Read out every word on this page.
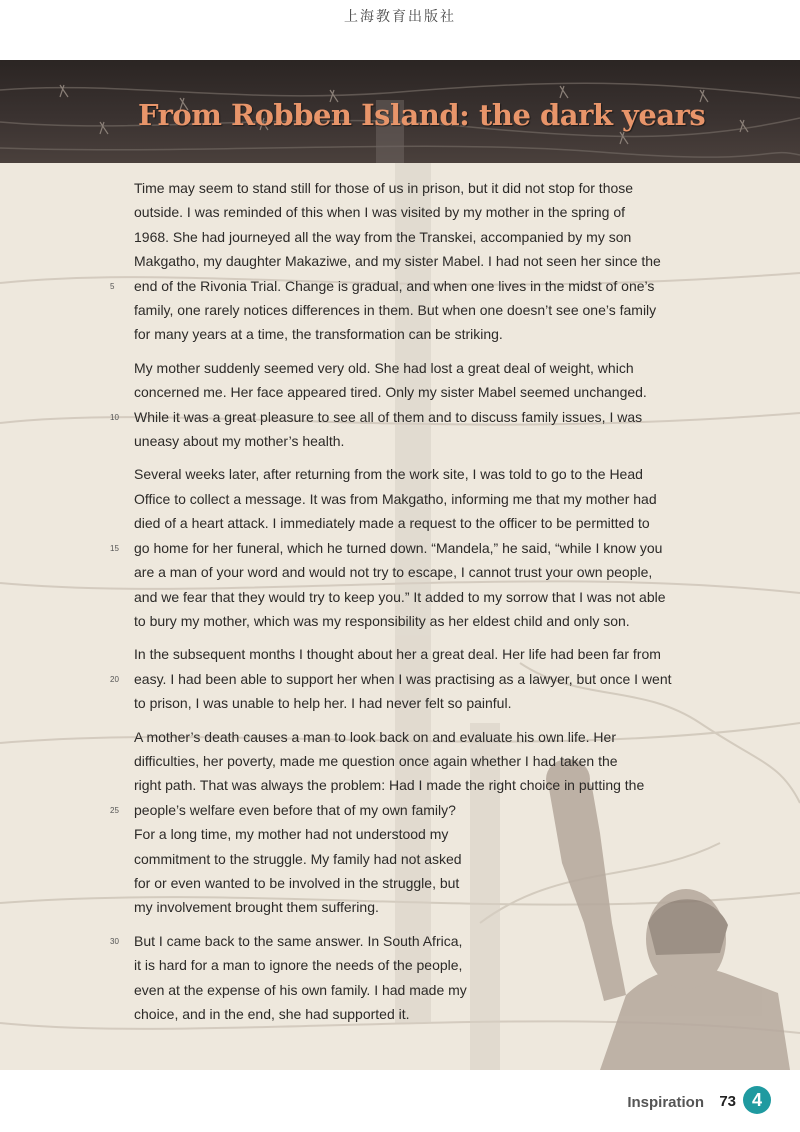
上海教育出版社
From Robben Island: the dark years

Time may seem to stand still for those of us in prison, but it did not stop for those
outside. I was reminded of this when I was visited by my mother in the spring of
1968. She had journeyed all the way from the Transkei, accompanied by my son
Makgatho, my daughter Makaziwe, and my sister Mabel. I had not seen her since the
5	end of the Rivonia Trial. Change is gradual, and when one lives in the midst of one’s
family, one rarely notices differences in them. But when one doesn’t see one’s family
for many years at a time, the transformation can be striking.

My mother suddenly seemed very old. She had lost a great deal of weight, which
concerned me. Her face appeared tired. Only my sister Mabel seemed unchanged.
10	While it was a great pleasure to see all of them and to discuss family issues, I was
uneasy about my mother’s health.

Several weeks later, after returning from the work site, I was told to go to the Head
Office to collect a message. It was from Makgatho, informing me that my mother had
died of a heart attack. I immediately made a request to the officer to be permitted to
15	go home for her funeral, which he turned down. “Mandela,” he said, “while I know you
are a man of your word and would not try to escape, I cannot trust your own people,
and we fear that they would try to keep you.” It added to my sorrow that I was not able
to bury my mother, which was my responsibility as her eldest child and only son.

In the subsequent months I thought about her a great deal. Her life had been far from
20	easy. I had been able to support her when I was practising as a lawyer, but once I went
to prison, I was unable to help her. I had never felt so painful.

A mother’s death causes a man to look back on and evaluate his own life. Her
difficulties, her poverty, made me question once again whether I had taken the
right path. That was always the problem: Had I made the right choice in putting the
25	people’s welfare even before that of my own family?
For a long time, my mother had not understood my
commitment to the struggle. My family had not asked
for or even wanted to be involved in the struggle, but
my involvement brought them suffering.

30	But I came back to the same answer. In South Africa,
it is hard for a man to ignore the needs of the people,
even at the expense of his own family. I had made my
choice, and in the end, she had supported it.

Inspiration 73 4
